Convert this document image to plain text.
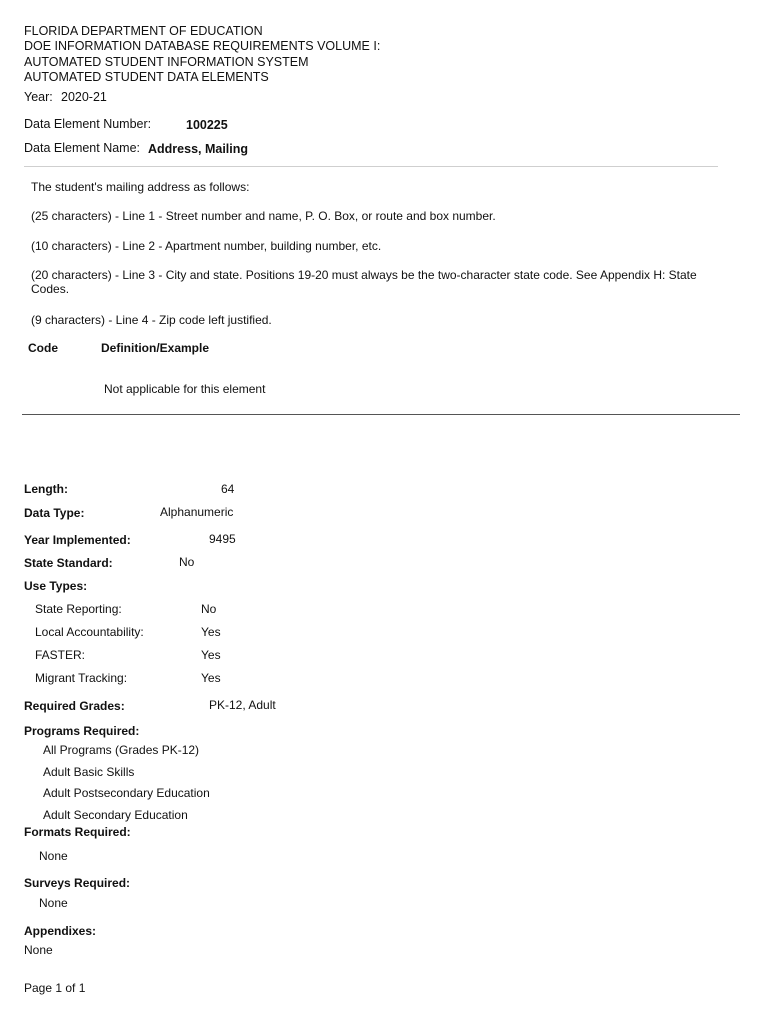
FLORIDA DEPARTMENT OF EDUCATION
DOE INFORMATION DATABASE REQUIREMENTS VOLUME I:
AUTOMATED STUDENT INFORMATION SYSTEM
AUTOMATED STUDENT DATA ELEMENTS
Year: 2020-21
Data Element Number:	100225
Data Element Name: Address, Mailing
The student's mailing address as follows:
(25 characters) - Line 1 - Street number and name, P. O. Box, or route and box number.
(10 characters) - Line 2 - Apartment number, building number, etc.
(20 characters) - Line 3 - City and state. Positions 19-20 must always be the two-character state code. See Appendix H: State Codes.
(9 characters) - Line 4 - Zip code left justified.
Code	Definition/Example
Not applicable for this element
Length:	64
Data Type:	Alphanumeric
Year Implemented:	9495
State Standard:	No
Use Types:
State Reporting:	No
Local Accountability:	Yes
FASTER:	Yes
Migrant Tracking:	Yes
Required Grades:	PK-12, Adult
Programs Required:
All Programs (Grades PK-12)
Adult Basic Skills
Adult Postsecondary Education
Adult Secondary Education
Formats Required:
None
Surveys Required:
None
Appendixes:
None
Page 1 of 1
